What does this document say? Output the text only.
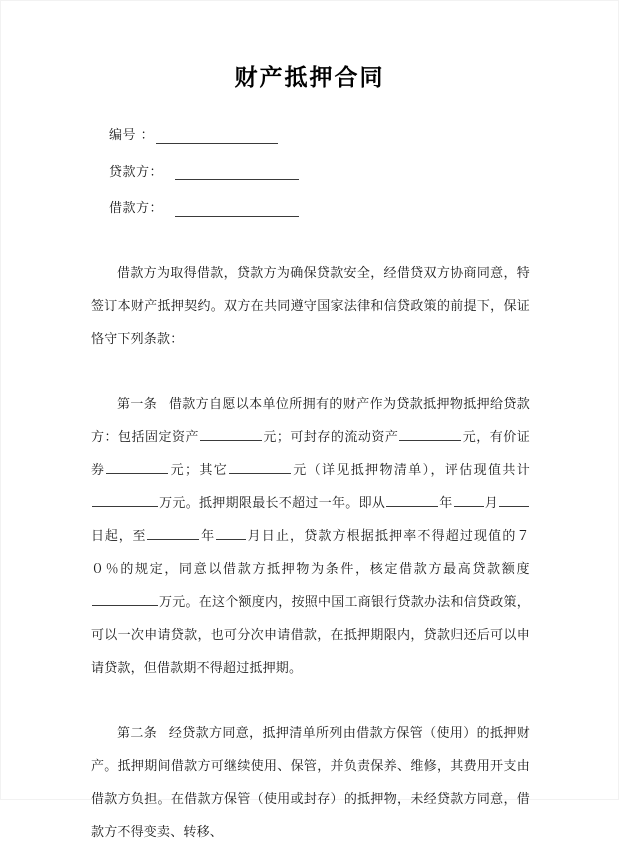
财产抵押合同
编号 ：
贷款方：
借款方：

借款方为取得借款，贷款方为确保贷款安全，经借贷双方协商同意，特签订本财产抵押契约。双方在共同遵守国家法律和信贷政策的前提下，保证恪守下列条款：

第一条 借款方自愿以本单位所拥有的财产作为贷款抵押物抵押给贷款方：包括固定资产	元；可封存的流动资产	元，有价证券	元；其它	元（详见抵押物清单），评估现值共计万元。抵押期限最长不超过一年。即从	年 月日起，至	年 月日止，贷款方根据抵押率不得超过现值的７０％的规定，同意以借款方抵押物为条件，核定借款方最高贷款额度万元。在这个额度内，按照中国工商银行贷款办法和信贷政策，可以一次申请贷款，也可分次申请借款，在抵押期限内，贷款归还后可以申请贷款，但借款期不得超过抵押期。

第二条 经贷款方同意，抵押清单所列由借款方保管（使用）的抵押财产。抵押期间借款方可继续使用、保管，并负责保养、维修，其费用开支由借款方负担。在借款方保管（使用或封存）的抵押物，未经贷款方同意，借款方不得变卖、转移、
